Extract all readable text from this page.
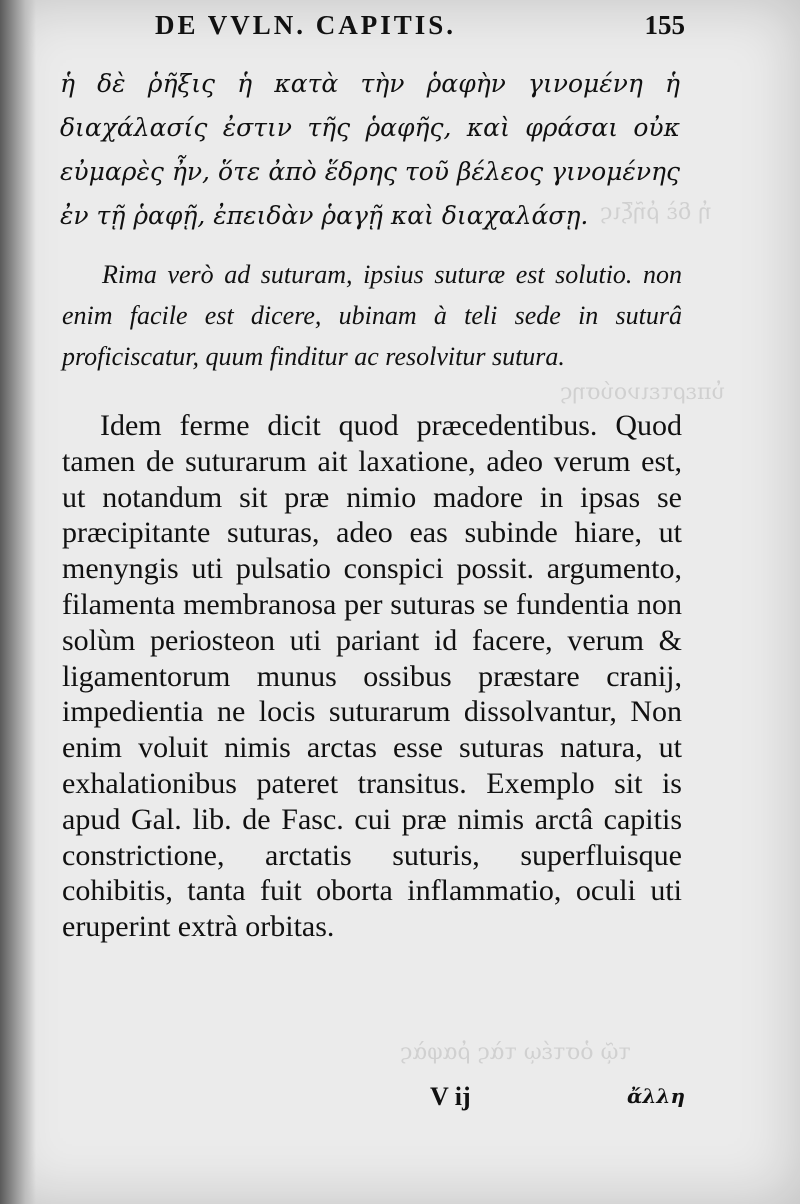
ἡ δὲ ῥῆξις
ὑπερτεινούσης
τῷ ὀστέῳ τὰς ῥαφὰς
DE VVLN. CAPITIS.	155

ἡ δὲ ῥῆξις ἡ κατὰ τὴν ῥαφὴν γινομένη ἡ διαχάλασίς ἐστιν τῆς ῥαφῆς, καὶ φράσαι οὐκ εὐμαρὲς ἦν, ὅτε ἀπὸ ἕδρης τοῦ βέλεος γινομένης ἐν τῇ ῥαφῇ, ἐπειδὰν ῥαγῇ καὶ διαχαλάσῃ.

Rima verò ad suturam, ipsius suturæ est solutio. non enim facile est dicere, ubinam à teli sede in suturâ proficiscatur, quum finditur ac resolvitur sutura.

Idem ferme dicit quod præcedentibus. Quod tamen de suturarum ait laxatione, adeo verum est, ut notandum sit præ nimio madore in ipsas se præcipitante suturas, adeo eas subinde hiare, ut menyngis uti pulsatio conspici possit. argumento, filamenta membranosa per suturas se fundentia non solùm periosteon uti pariant id facere, verum & ligamentorum munus ossibus præstare cranij, impedientia ne locis suturarum dissolvantur, Non enim voluit nimis arctas esse suturas natura, ut exhalationibus pateret transitus. Exemplo sit is apud Gal. lib. de Fasc. cui præ nimis arctâ capitis constrictione, arctatis suturis, superfluisque cohibitis, tanta fuit oborta inflammatio, oculi uti eruperint extrà orbitas.

V ij	ἄλλη
